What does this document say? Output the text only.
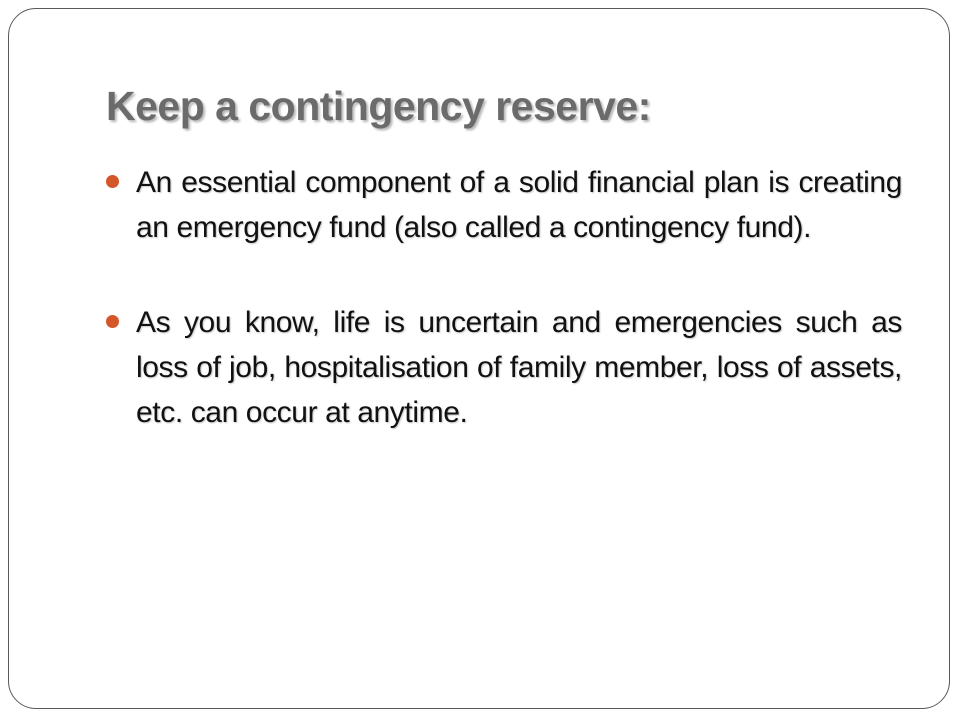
Keep a contingency reserve:
An essential component of a solid financial plan is creating an emergency fund (also called a contingency fund).
As you know, life is uncertain and emergencies such as loss of job, hospitalisation of family member, loss of assets, etc. can occur at anytime.
